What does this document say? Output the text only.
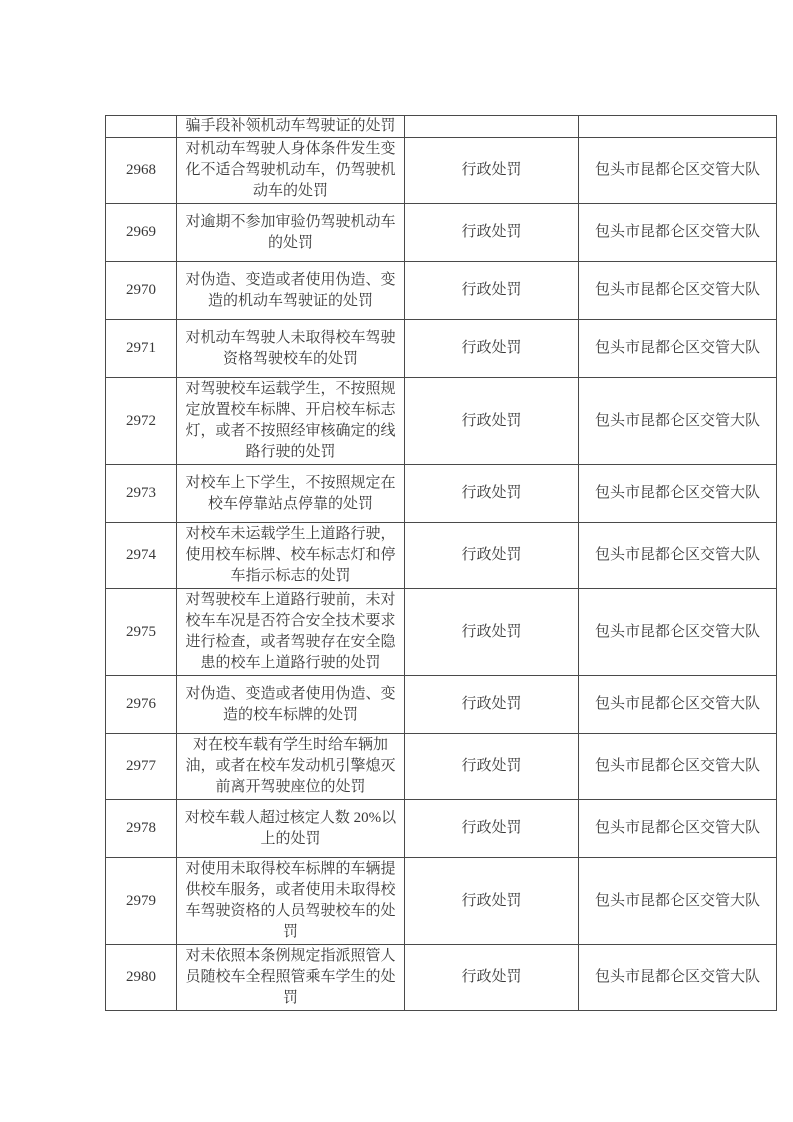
	骗手段补领机动车驾驶证的处罚		
2968	对机动车驾驶人身体条件发生变化不适合驾驶机动车，仍驾驶机动车的处罚	行政处罚	包头市昆都仑区交管大队
2969	对逾期不参加审验仍驾驶机动车的处罚	行政处罚	包头市昆都仑区交管大队
2970	对伪造、变造或者使用伪造、变造的机动车驾驶证的处罚	行政处罚	包头市昆都仑区交管大队
2971	对机动车驾驶人未取得校车驾驶资格驾驶校车的处罚	行政处罚	包头市昆都仑区交管大队
2972	对驾驶校车运载学生，不按照规定放置校车标牌、开启校车标志灯，或者不按照经审核确定的线路行驶的处罚	行政处罚	包头市昆都仑区交管大队
2973	对校车上下学生，不按照规定在校车停靠站点停靠的处罚	行政处罚	包头市昆都仑区交管大队
2974	对校车未运载学生上道路行驶，使用校车标牌、校车标志灯和停车指示标志的处罚	行政处罚	包头市昆都仑区交管大队
2975	对驾驶校车上道路行驶前，未对校车车况是否符合安全技术要求进行检查，或者驾驶存在安全隐患的校车上道路行驶的处罚	行政处罚	包头市昆都仑区交管大队
2976	对伪造、变造或者使用伪造、变造的校车标牌的处罚	行政处罚	包头市昆都仑区交管大队
2977	对在校车载有学生时给车辆加油，或者在校车发动机引擎熄灭前离开驾驶座位的处罚	行政处罚	包头市昆都仑区交管大队
2978	对校车载人超过核定人数 20%以上的处罚	行政处罚	包头市昆都仑区交管大队
2979	对使用未取得校车标牌的车辆提供校车服务，或者使用未取得校车驾驶资格的人员驾驶校车的处罚	行政处罚	包头市昆都仑区交管大队
2980	对未依照本条例规定指派照管人员随校车全程照管乘车学生的处罚	行政处罚	包头市昆都仑区交管大队
